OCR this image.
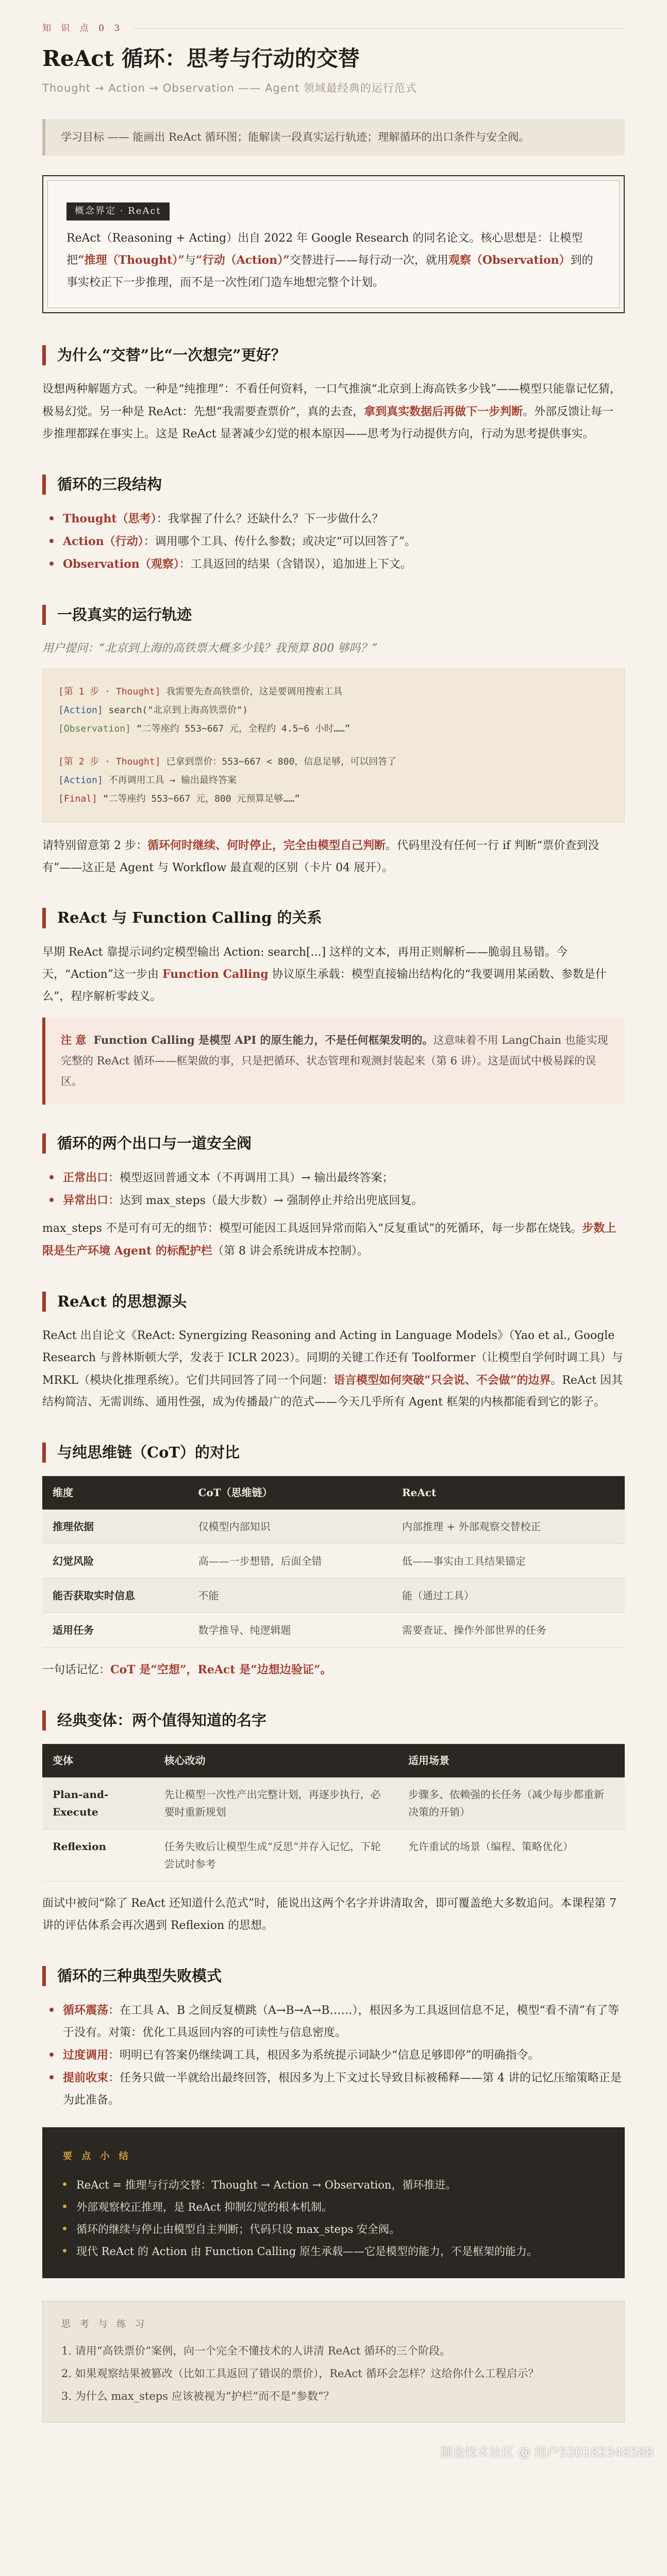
知 识 点 0 3
ReAct 循环：思考与行动的交替
Thought → Action → Observation —— Agent 领域最经典的运行范式
学习目标 —— 能画出 ReAct 循环图；能解读一段真实运行轨迹；理解循环的出口条件与安全阀。
概念界定 · ReAct

ReAct（Reasoning + Acting）出自 2022 年 Google Research 的同名论文。核心思想是：让模型把“推理（Thought）”与“行动（Action）”交替进行——每行动一次，就用观察（Observation）到的事实校正下一步推理，而不是一次性闭门造车地想完整个计划。

为什么“交替”比“一次想完”更好？

设想两种解题方式。一种是“纯推理”：不看任何资料，一口气推演“北京到上海高铁多少钱”——模型只能靠记忆猜，极易幻觉。另一种是 ReAct：先想“我需要查票价”，真的去查，拿到真实数据后再做下一步判断。外部反馈让每一步推理都踩在事实上。这是 ReAct 显著减少幻觉的根本原因——思考为行动提供方向，行动为思考提供事实。

循环的三段结构
Thought（思考）：我掌握了什么？还缺什么？下一步做什么？
Action（行动）：调用哪个工具、传什么参数；或决定“可以回答了”。
Observation（观察）：工具返回的结果（含错误），追加进上下文。
一段真实的运行轨迹
用户提问：“北京到上海的高铁票大概多少钱？我预算 800 够吗？”
[第 1 步 · Thought] 我需要先查高铁票价，这是要调用搜索工具
[Action] search("北京到上海高铁票价")
[Observation] “二等座约 553~667 元，全程约 4.5~6 小时……”
[第 2 步 · Thought] 已拿到票价：553~667 < 800，信息足够，可以回答了
[Action] 不再调用工具 → 输出最终答案
[Final] “二等座约 553~667 元，800 元预算足够……”

请特别留意第 2 步：循环何时继续、何时停止，完全由模型自己判断。代码里没有任何一行 if 判断“票价查到没有”——这正是 Agent 与 Workflow 最直观的区别（卡片 04 展开）。

ReAct 与 Function Calling 的关系

早期 ReAct 靠提示词约定模型输出 Action: search[...] 这样的文本，再用正则解析——脆弱且易错。今天，“Action”这一步由 Function Calling 协议原生承载：模型直接输出结构化的“我要调用某函数、参数是什么”，程序解析零歧义。

注 意 Function Calling 是模型 API 的原生能力，不是任何框架发明的。这意味着不用 LangChain 也能实现完整的 ReAct 循环——框架做的事，只是把循环、状态管理和观测封装起来（第 6 讲）。这是面试中极易踩的误区。
循环的两个出口与一道安全阀
正常出口：模型返回普通文本（不再调用工具）→ 输出最终答案；
异常出口：达到 max_steps（最大步数）→ 强制停止并给出兜底回复。

max_steps 不是可有可无的细节：模型可能因工具返回异常而陷入“反复重试”的死循环，每一步都在烧钱。步数上限是生产环境 Agent 的标配护栏（第 8 讲会系统讲成本控制）。

ReAct 的思想源头

ReAct 出自论文《ReAct: Synergizing Reasoning and Acting in Language Models》（Yao et al., Google Research 与普林斯顿大学，发表于 ICLR 2023）。同期的关键工作还有 Toolformer（让模型自学何时调工具）与 MRKL（模块化推理系统）。它们共同回答了同一个问题：语言模型如何突破“只会说、不会做”的边界。ReAct 因其结构简洁、无需训练、通用性强，成为传播最广的范式——今天几乎所有 Agent 框架的内核都能看到它的影子。

与纯思维链（CoT）的对比
维度	CoT（思维链）	ReAct
推理依据	仅模型内部知识	内部推理 + 外部观察交替校正
幻觉风险	高——一步想错，后面全错	低——事实由工具结果锚定
能否获取实时信息	不能	能（通过工具）
适用任务	数学推导、纯逻辑题	需要查证、操作外部世界的任务

一句话记忆：CoT 是“空想”，ReAct 是“边想边验证”。

经典变体：两个值得知道的名字
变体	核心改动	适用场景
Plan-and-Execute	先让模型一次性产出完整计划，再逐步执行，必要时重新规划	步骤多、依赖强的长任务（减少每步都重新决策的开销）
Reflexion	任务失败后让模型生成“反思”并存入记忆，下轮尝试时参考	允许重试的场景（编程、策略优化）

面试中被问“除了 ReAct 还知道什么范式”时，能说出这两个名字并讲清取舍，即可覆盖绝大多数追问。本课程第 7 讲的评估体系会再次遇到 Reflexion 的思想。

循环的三种典型失败模式
循环震荡：在工具 A、B 之间反复横跳（A→B→A→B……），根因多为工具返回信息不足，模型“看不清”有了等于没有。对策：优化工具返回内容的可读性与信息密度。
过度调用：明明已有答案仍继续调工具，根因多为系统提示词缺少“信息足够即停”的明确指令。
提前收束：任务只做一半就给出最终回答，根因多为上下文过长导致目标被稀释——第 4 讲的记忆压缩策略正是为此准备。
要 点 小 结
ReAct = 推理与行动交替：Thought → Action → Observation，循环推进。
外部观察校正推理，是 ReAct 抑制幻觉的根本机制。
循环的继续与停止由模型自主判断；代码只设 max_steps 安全阀。
现代 ReAct 的 Action 由 Function Calling 原生承载——它是模型的能力，不是框架的能力。
思 考 与 练 习
1. 请用“高铁票价”案例，向一个完全不懂技术的人讲清 ReAct 循环的三个阶段。
2. 如果观察结果被篡改（比如工具返回了错误的票价），ReAct 循环会怎样？这给你什么工程启示？
3. 为什么 max_steps 应该被视为“护栏”而不是“参数”？
掘金技术社区 @ 用户530182348588
